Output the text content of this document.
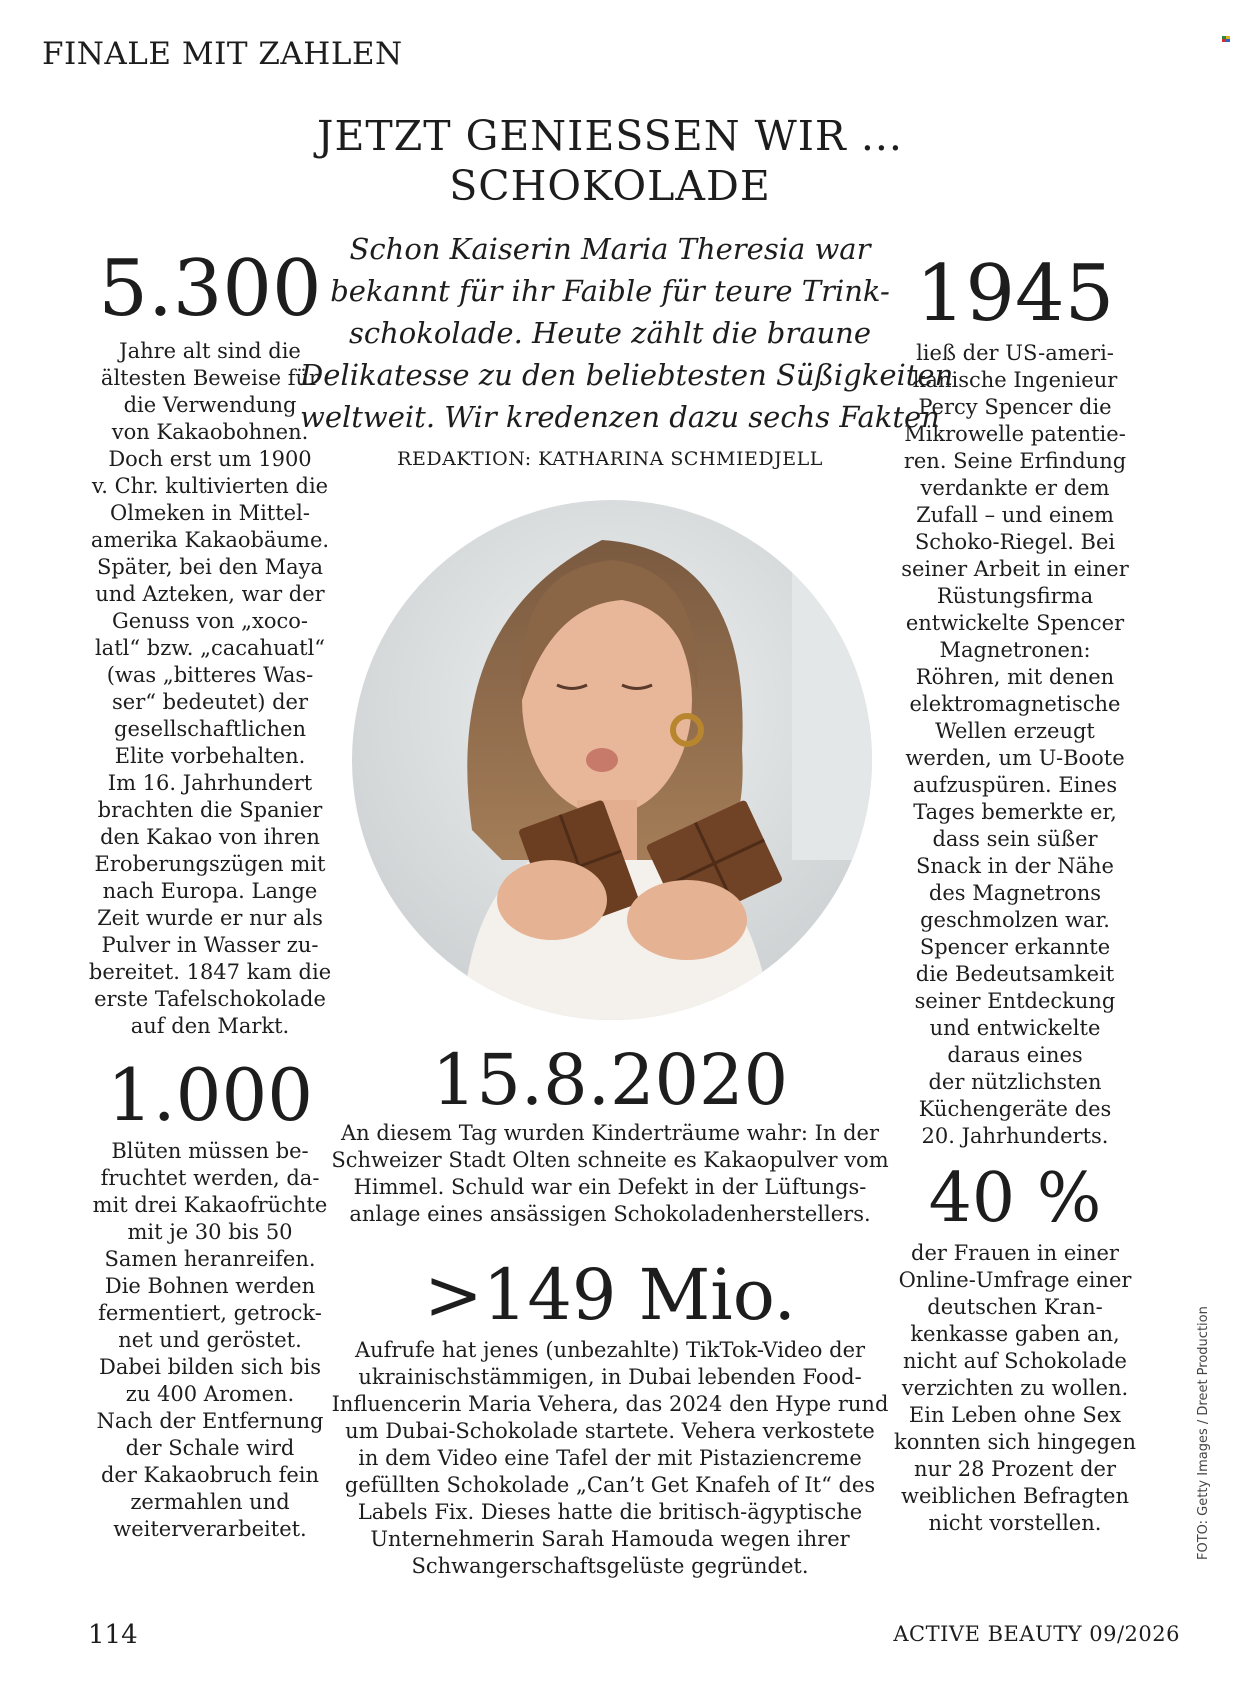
FINALE MIT ZAHLEN
JETZT GENIESSEN WIR ...
SCHOKOLADE
Schon Kaiserin Maria Theresia war
bekannt für ihr Faible für teure Trink-
schokolade. Heute zählt die braune
Delikatesse zu den beliebtesten Süßigkeiten
weltweit. Wir kredenzen dazu sechs Fakten
REDAKTION: KATHARINA SCHMIEDJELL
5.300
Jahre alt sind die
ältesten Beweise für
die Verwendung
von Kakaobohnen.
Doch erst um 1900
v. Chr. kultivierten die
Olmeken in Mittel-
amerika Kakaobäume.
Später, bei den Maya
und Azteken, war der
Genuss von „xoco-
latl“ bzw. „cacahuatl“
(was „bitteres Was-
ser“ bedeutet) der
gesellschaftlichen
Elite vorbehalten.
Im 16. Jahrhundert
brachten die Spanier
den Kakao von ihren
Eroberungszügen mit
nach Europa. Lange
Zeit wurde er nur als
Pulver in Wasser zu-
bereitet. 1847 kam die
erste Tafelschokolade
auf den Markt.
1.000
Blüten müssen be-
fruchtet werden, da-
mit drei Kakaofrüchte
mit je 30 bis 50
Samen heranreifen.
Die Bohnen werden
fermentiert, getrock-
net und geröstet.
Dabei bilden sich bis
zu 400 Aromen.
Nach der Entfernung
der Schale wird
der Kakaobruch fein
zermahlen und
weiterverarbeitet.
1945
ließ der US-ameri-
kanische Ingenieur
Percy Spencer die
Mikrowelle patentie-
ren. Seine Erfindung
verdankte er dem
Zufall – und einem
Schoko-Riegel. Bei
seiner Arbeit in einer
Rüstungsfirma
entwickelte Spencer
Magnetronen:
Röhren, mit denen
elektromagnetische
Wellen erzeugt
werden, um U-Boote
aufzuspüren. Eines
Tages bemerkte er,
dass sein süßer
Snack in der Nähe
des Magnetrons
geschmolzen war.
Spencer erkannte
die Bedeutsamkeit
seiner Entdeckung
und entwickelte
daraus eines
der nützlichsten
Küchengeräte des
20. Jahrhunderts.
40 %
der Frauen in einer
Online-Umfrage einer
deutschen Kran-
kenkasse gaben an,
nicht auf Schokolade
verzichten zu wollen.
Ein Leben ohne Sex
konnten sich hingegen
nur 28 Prozent der
weiblichen Befragten
nicht vorstellen.
15.8.2020
An diesem Tag wurden Kinderträume wahr: In der
Schweizer Stadt Olten schneite es Kakaopulver vom
Himmel. Schuld war ein Defekt in der Lüftungs-
anlage eines ansässigen Schokoladenherstellers.
>149 Mio.
Aufrufe hat jenes (unbezahlte) TikTok-Video der
ukrainischstämmigen, in Dubai lebenden Food-
Influencerin Maria Vehera, das 2024 den Hype rund
um Dubai-Schokolade startete. Vehera verkostete
in dem Video eine Tafel der mit Pistaziencreme
gefüllten Schokolade „Can’t Get Knafeh of It“ des
Labels Fix. Dieses hatte die britisch-ägyptische
Unternehmerin Sarah Hamouda wegen ihrer
Schwangerschaftsgelüste gegründet.
FOTO: Getty Images / Dreet Production
114	ACTIVE BEAUTY 09/2026
